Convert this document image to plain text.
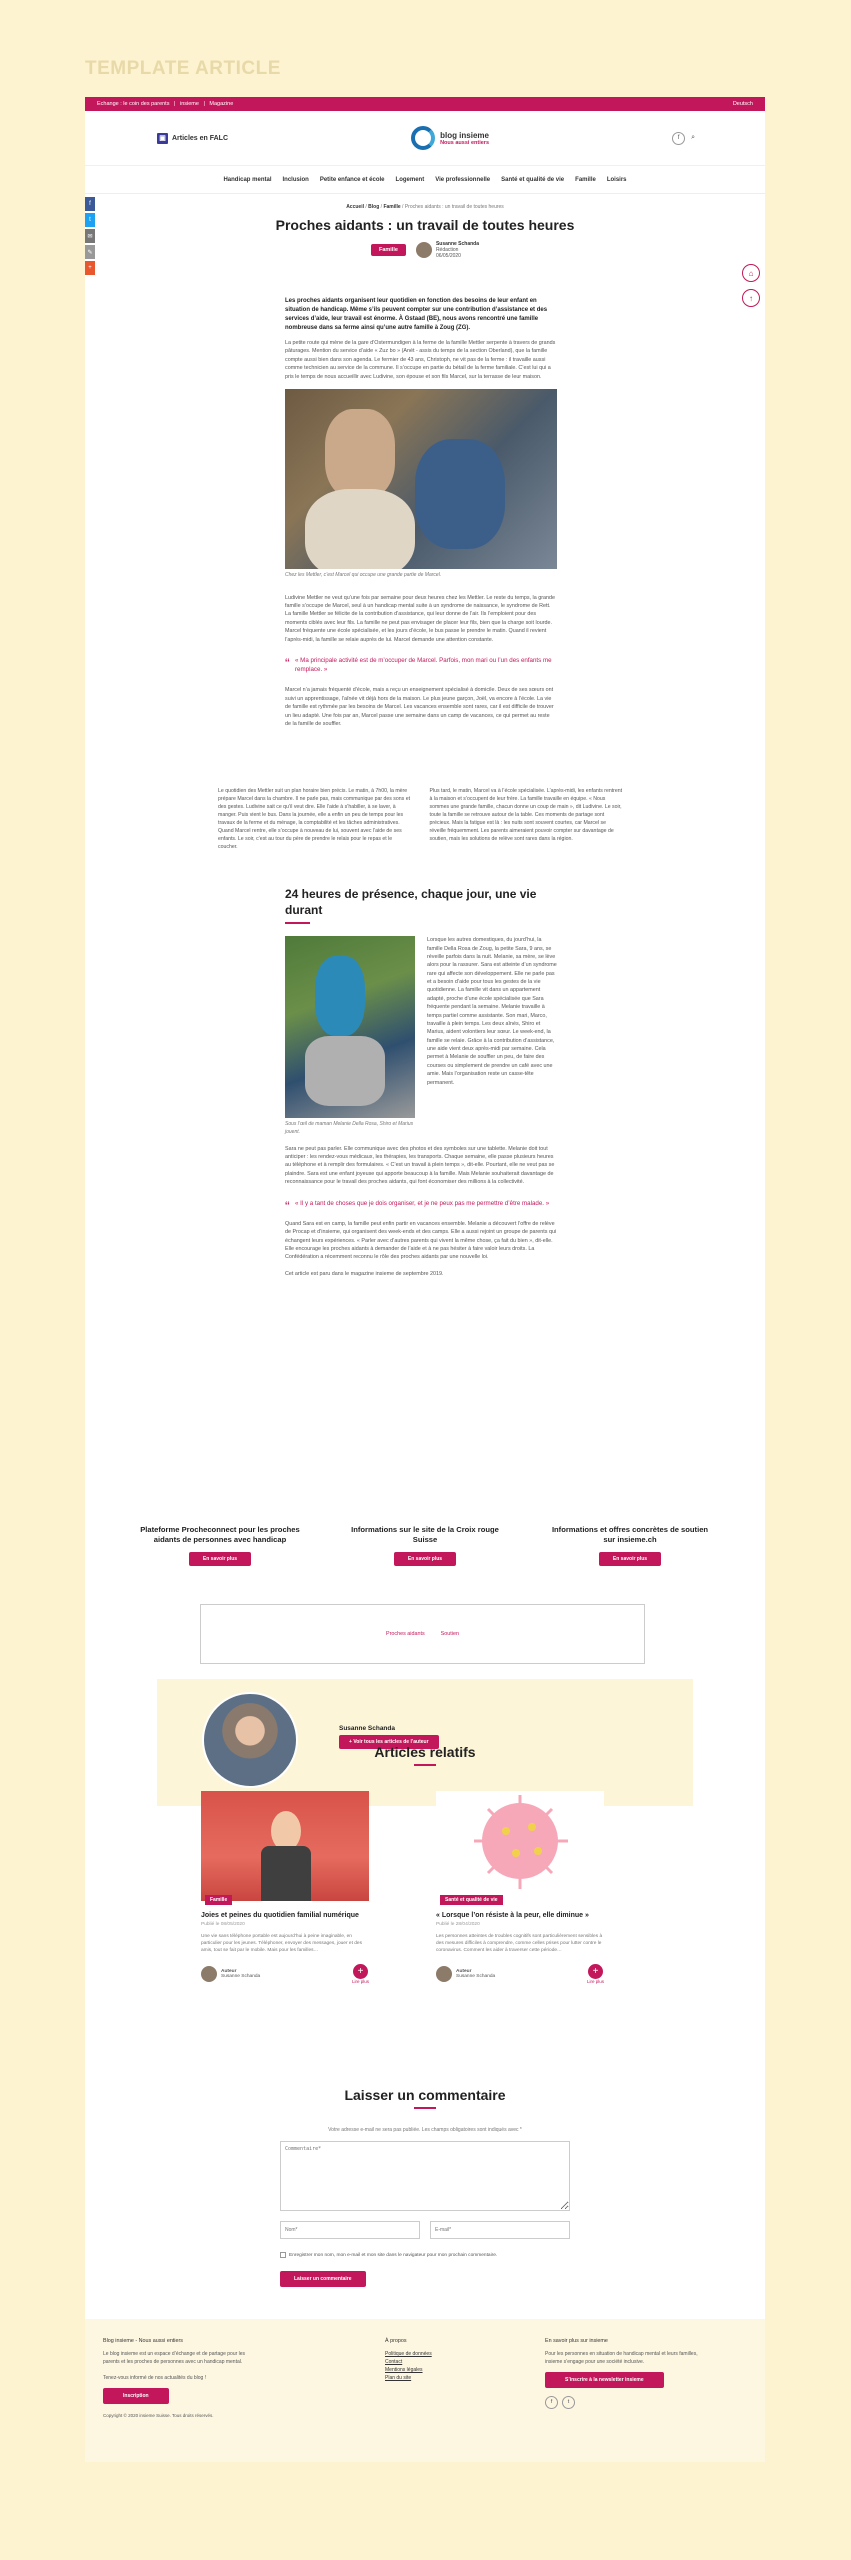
TEMPLATE ARTICLE
Echange : le coin des parents | insieme | Magazine	Deutsch
▣ Articles en FALC	blog insieme
Nous aussi entiers
f	⌕
Handicap mental Inclusion Petite enfance et école Logement Vie professionnelle Santé et qualité de vie Famille Loisirs
f
t
✉
✎
+
⌂
↑
Accueil / Blog / Famille / Proches aidants : un travail de toutes heures
Proches aidants : un travail de toutes heures
Famille
Susanne Schanda
Rédaction
06/05/2020

Les proches aidants organisent leur quotidien en fonction des besoins de leur enfant en situation de handicap. Même s’ils peuvent compter sur une contribution d’assistance et des services d’aide, leur travail est énorme. À Gstaad (BE), nous avons rencontré une famille nombreuse dans sa ferme ainsi qu’une autre famille à Zoug (ZG).

La petite route qui mène de la gare d’Ostermundigen à la ferme de la famille Mettler serpente à travers de grands pâturages. Mention du service d’aide « Zuz bo » (Anét - assis du temps de la section Oberland), que la famille compte aussi bien dans son agenda. Le fermier de 43 ans, Christoph, ne vit pas de la ferme : il travaille aussi comme technicien au service de la commune. Il s’occupe en partie du bétail de la ferme familiale. C’est lui qui a pris le temps de nous accueillir avec Ludivine, son épouse et son fils Marcel, sur la terrasse de leur maison.

Chez les Mettler, c’est Marcel qui occupe une grande partie de Marcel.

Ludivine Mettler ne veut qu’une fois par semaine pour deux heures chez les Mettler. Le reste du temps, la grande famille s’occupe de Marcel, seul à un handicap mental suite à un syndrome de naissance, le syndrome de Rett. La famille Mettler se félicite de la contribution d’assistance, qui leur donne de l’air. Ils l’emploient pour des moments ciblés avec leur fils. La famille ne peut pas envisager de placer leur fils, bien que la charge soit lourde. Marcel fréquente une école spécialisée, et les jours d’école, le bus passe le prendre le matin. Quand il revient l’après-midi, la famille se relaie auprès de lui. Marcel demande une attention constante.

“ « Ma principale activité est de m’occuper de Marcel. Parfois, mon mari ou l’un des enfants me remplace. »

Marcel n’a jamais fréquenté d’école, mais a reçu un enseignement spécialisé à domicile. Deux de ses sœurs ont suivi un apprentissage, l’aînée vit déjà hors de la maison. Le plus jeune garçon, Joël, va encore à l’école. La vie de famille est rythmée par les besoins de Marcel. Les vacances ensemble sont rares, car il est difficile de trouver un lieu adapté. Une fois par an, Marcel passe une semaine dans un camp de vacances, ce qui permet au reste de la famille de souffler.

Le quotidien des Mettler suit un plan horaire bien précis. Le matin, à 7h00, la mère prépare Marcel dans la chambre. Il ne parle pas, mais communique par des sons et des gestes. Ludivine sait ce qu’il veut dire. Elle l’aide à s’habiller, à se laver, à manger. Puis vient le bus. Dans la journée, elle a enfin un peu de temps pour les travaux de la ferme et du ménage, la comptabilité et les tâches administratives. Quand Marcel rentre, elle s’occupe à nouveau de lui, souvent avec l’aide de ses enfants. Le soir, c’est au tour du père de prendre le relais pour le repas et le coucher.

Plus tard, le matin, Marcel va à l’école spécialisée. L’après-midi, les enfants rentrent à la maison et s’occupent de leur frère. La famille travaille en équipe. « Nous sommes une grande famille, chacun donne un coup de main », dit Ludivine. Le soir, toute la famille se retrouve autour de la table. Ces moments de partage sont précieux. Mais la fatigue est là : les nuits sont souvent courtes, car Marcel se réveille fréquemment. Les parents aimeraient pouvoir compter sur davantage de soutien, mais les solutions de relève sont rares dans la région.

24 heures de présence, chaque jour, une vie durant

Sous l’œil de maman Melanie Della Rosa, Shiro et Marius jouent.

Lorsque les autres domestiques, du jourd’hui, la famille Della Rosa de Zoug, la petite Sara, 9 ans, se réveille parfois dans la nuit. Melanie, sa mère, se lève alors pour la rassurer. Sara est atteinte d’un syndrome rare qui affecte son développement. Elle ne parle pas et a besoin d’aide pour tous les gestes de la vie quotidienne. La famille vit dans un appartement adapté, proche d’une école spécialisée que Sara fréquente pendant la semaine. Melanie travaille à temps partiel comme assistante. Son mari, Marco, travaille à plein temps. Les deux aînés, Shiro et Marius, aident volontiers leur sœur. Le week-end, la famille se relaie. Grâce à la contribution d’assistance, une aide vient deux après-midi par semaine. Cela permet à Melanie de souffler un peu, de faire des courses ou simplement de prendre un café avec une amie. Mais l’organisation reste un casse-tête permanent.

Sara ne peut pas parler. Elle communique avec des photos et des symboles sur une tablette. Melanie doit tout anticiper : les rendez-vous médicaux, les thérapies, les transports. Chaque semaine, elle passe plusieurs heures au téléphone et à remplir des formulaires. « C’est un travail à plein temps », dit-elle. Pourtant, elle ne veut pas se plaindre. Sara est une enfant joyeuse qui apporte beaucoup à la famille. Mais Melanie souhaiterait davantage de reconnaissance pour le travail des proches aidants, qui font économiser des millions à la collectivité.

“ « Il y a tant de choses que je dois organiser, et je ne peux pas me permettre d’être malade. »

Quand Sara est en camp, la famille peut enfin partir en vacances ensemble. Melanie a découvert l’offre de relève de Procap et d’insieme, qui organisent des week-ends et des camps. Elle a aussi rejoint un groupe de parents qui échangent leurs expériences. « Parler avec d’autres parents qui vivent la même chose, ça fait du bien », dit-elle. Elle encourage les proches aidants à demander de l’aide et à ne pas hésiter à faire valoir leurs droits. La Confédération a récemment reconnu le rôle des proches aidants par une nouvelle loi.

Cet article est paru dans le magazine insieme de septembre 2019.

Plateforme Procheconnect pour les proches aidants de personnes avec handicap
En savoir plus
Informations sur le site de la Croix rouge Suisse
En savoir plus
Informations et offres concrètes de soutien sur insieme.ch
En savoir plus
Proches aidants	Soutien
Susanne Schanda
+ Voir tous les articles de l’auteur
Articles relatifs
Famille
Joies et peines du quotidien familial numérique
Publié le 08/05/2020
Une vie sans téléphone portable est aujourd’hui à peine imaginable, en particulier pour les jeunes. Téléphoner, envoyer des messages, jouer et des amis, tout se fait par le mobile. Mais pour les familles…
Auteur
Susanne Schanda	+
Lire plus
Santé et qualité de vie
« Lorsque l’on résiste à la peur, elle diminue »
Publié le 28/04/2020
Les personnes atteintes de troubles cognitifs sont particulièrement sensibles à des mesures difficiles à comprendre, comme celles prises pour lutter contre le coronavirus. Comment les aider à traverser cette période…
Auteur
Susanne Schanda	+
Lire plus
Laisser un commentaire
Votre adresse e-mail ne sera pas publiée. Les champs obligatoires sont indiqués avec *
Commentaire*
Nom*
E-mail*
Enregistrer mon nom, mon e-mail et mon site dans le navigateur pour mon prochain commentaire.
Laisser un commentaire
Blog insieme - Nous aussi entiers
Le blog insieme est un espace d’échange et de partage pour les parents et les proches de personnes avec un handicap mental.
Tenez-vous informé de nos actualités du blog !
Inscription
Copyright © 2020 insieme Suisse. Tous droits réservés.
À propos
Politique de données
Contact
Mentions légales
Plan du site
En savoir plus sur insieme
Pour les personnes en situation de handicap mental et leurs familles, insieme s’engage pour une société inclusive.
S’inscrire à la newsletter insieme
f	t
